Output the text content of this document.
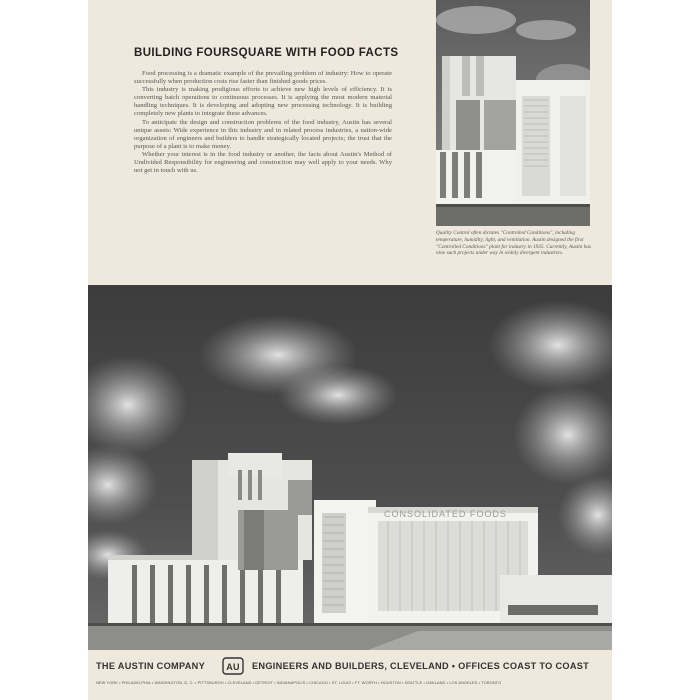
BUILDING FOURSQUARE WITH FOOD FACTS

Food processing is a dramatic example of the prevailing problem of industry: How to operate successfully when production costs rise faster than finished goods prices.

This industry is making prodigious efforts to achieve new high levels of efficiency. It is converting batch operations to continuous processes. It is applying the most modern material handling techniques. It is developing and adopting new processing technology. It is building completely new plants to integrate these advances.

To anticipate the design and construction problems of the food industry, Austin has several unique assets: Wide experience in this industry and in related process industries, a nation-wide organization of engineers and builders to handle strategically located projects; the trust that the purpose of a plant is to make money.

Whether your interest is in the food industry or another, the facts about Austin's Method of Undivided Responsibility for engineering and construction may well apply to your needs. Why not get in touch with us.

Quality Control often dictates "Controlled Conditions", including temperature, humidity, light, and ventilation. Austin designed the first "Controlled Conditions" plant for industry in 1935. Currently, Austin has nine such projects under way in widely divergent industries.
CONSOLIDATED FOODS
THE AUSTIN COMPANY AU ENGINEERS AND BUILDERS, CLEVELAND • OFFICES COAST TO COAST
NEW YORK • PHILADELPHIA • WASHINGTON, D. C. • PITTSBURGH • CLEVELAND • DETROIT • INDIANAPOLIS • CHICAGO • ST. LOUIS • FT. WORTH • HOUSTON • SEATTLE • OAKLAND • LOS ANGELES • TORONTO
